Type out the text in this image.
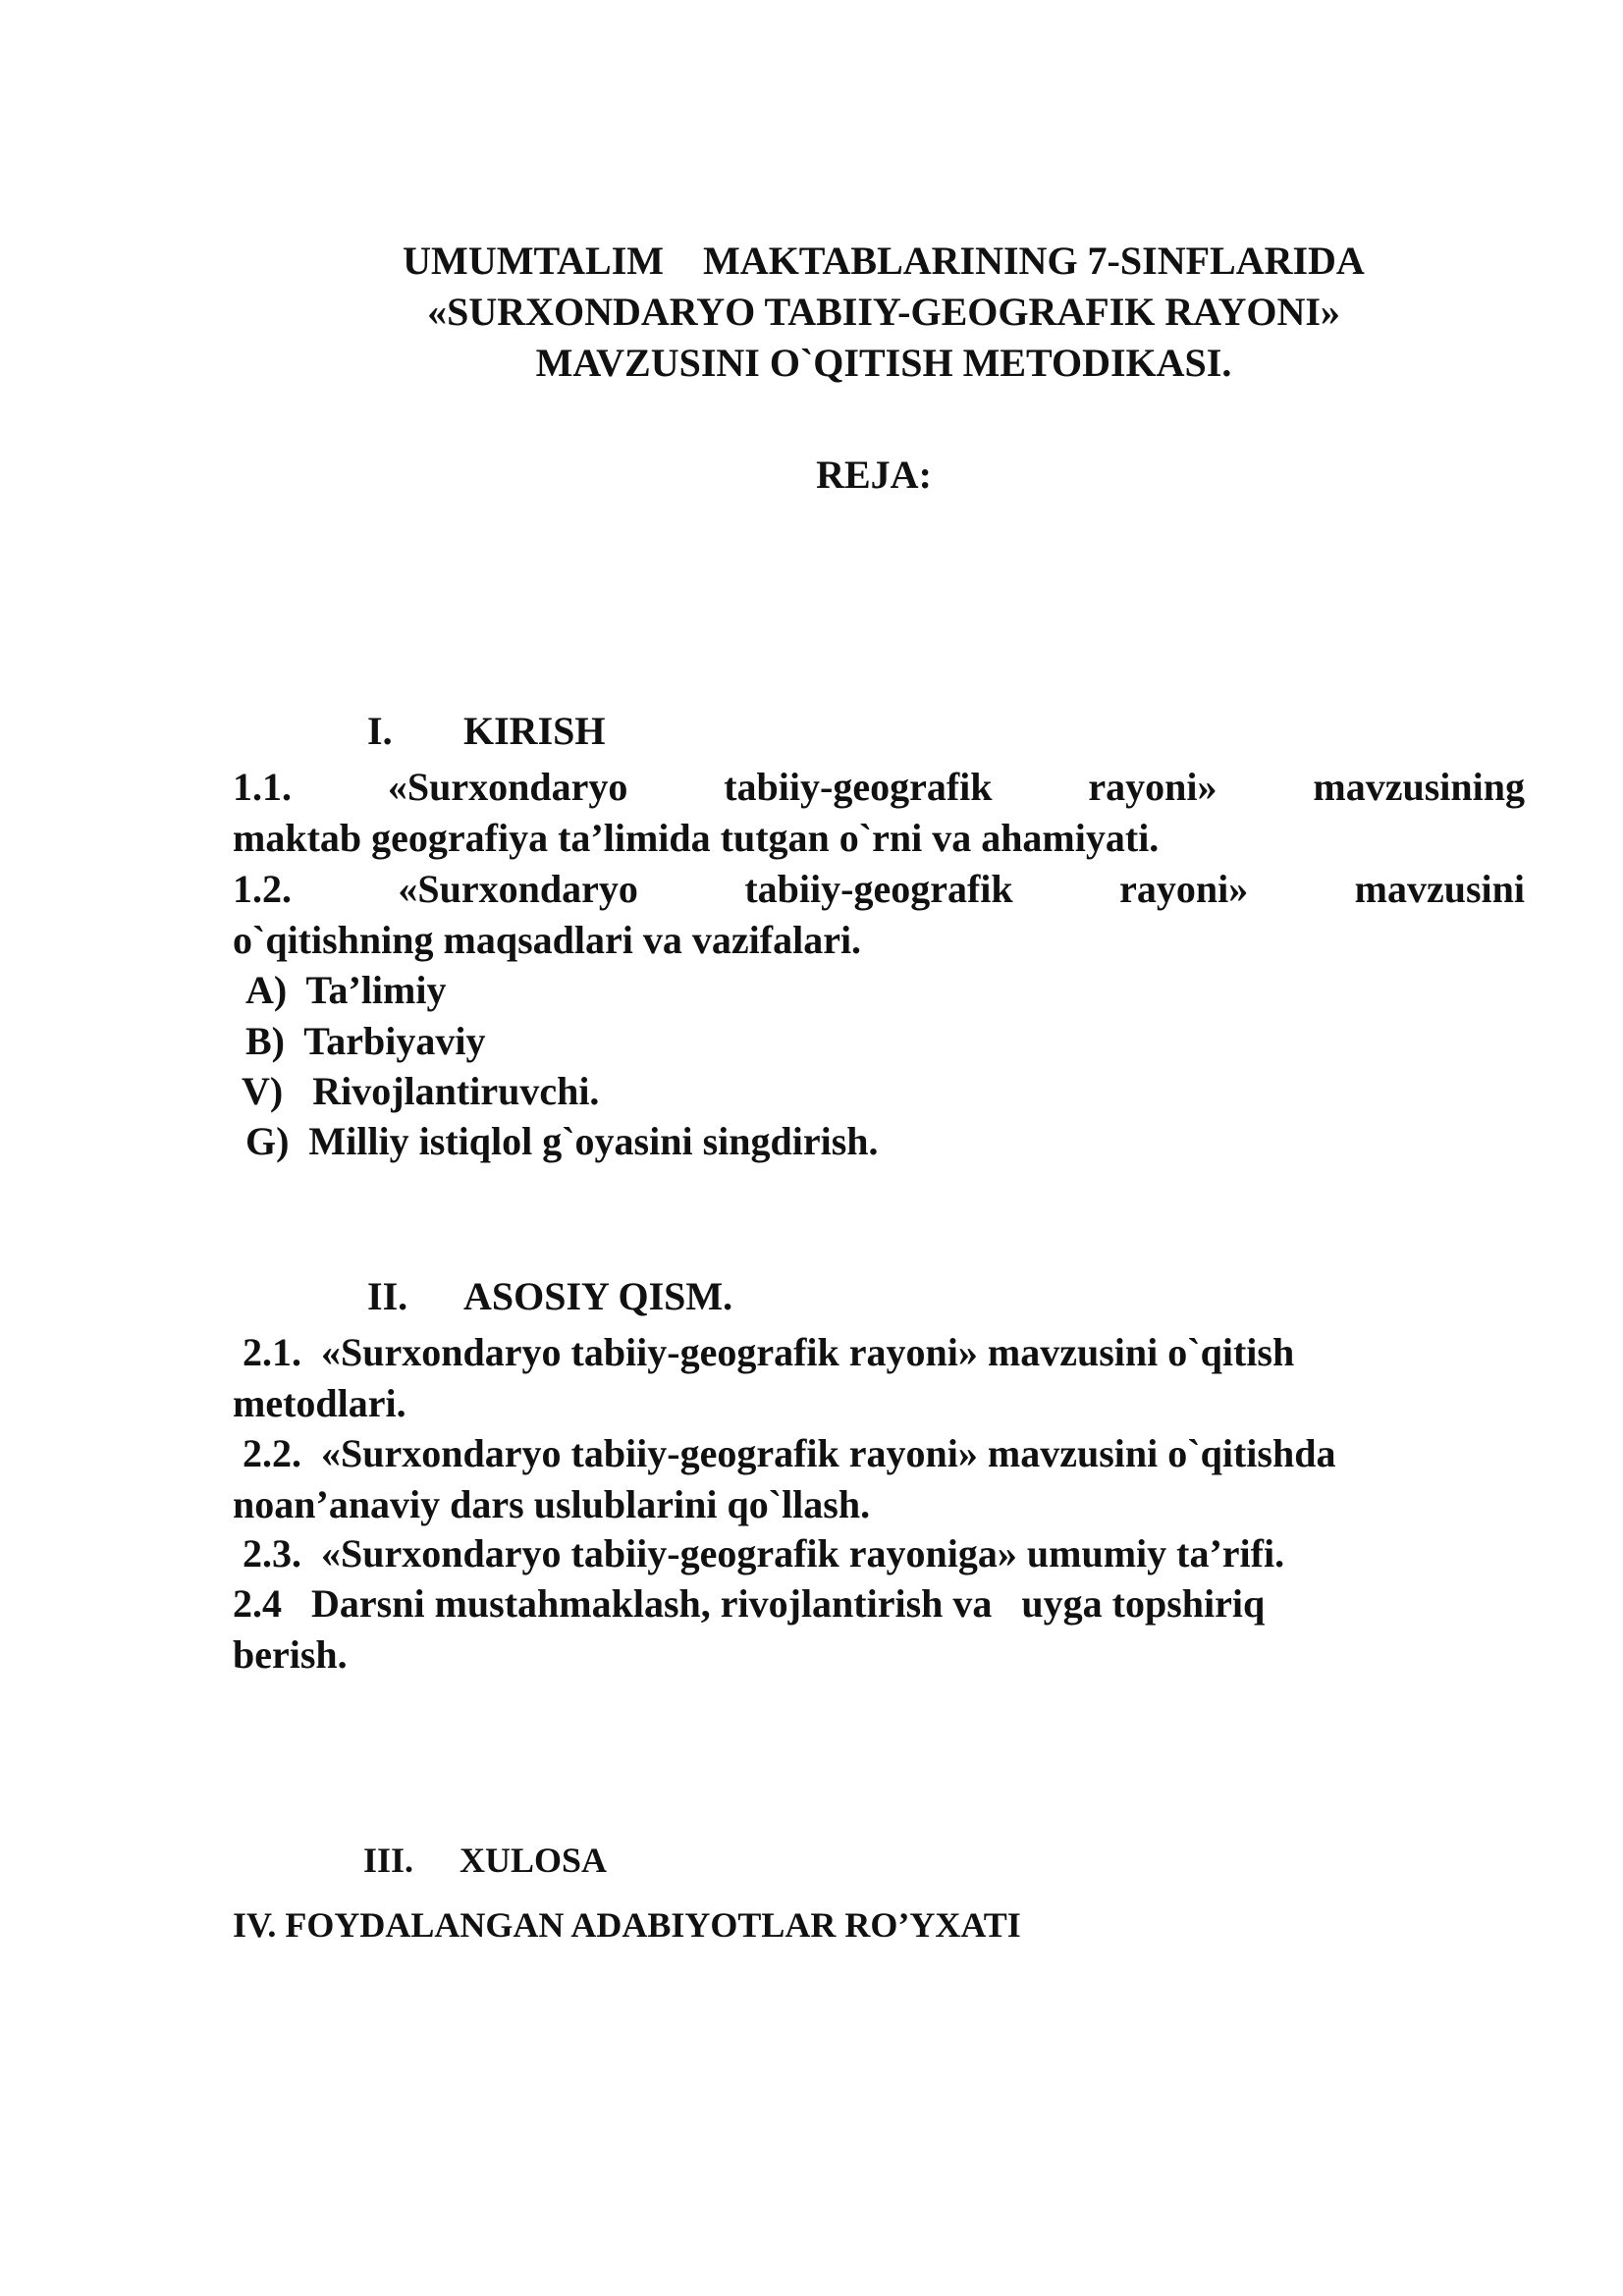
UMUMTALIM    MAKTABLARINING 7-SINFLARIDA
«SURXONDARYO TABIIY-GEOGRAFIK RAYONI»
MAVZUSINI O`QITISH METODIKASI.
REJA:

I. KIRISH

1.1. «Surxondaryo tabiiy-geografik rayoni» mavzusining
maktab geografiya ta’limida tutgan o`rni va ahamiyati.
1.2. «Surxondaryo tabiiy-geografik rayoni» mavzusini
o`qitishning maqsadlari va vazifalari.
A)  Ta’limiy
B)  Tarbiyaviy
V)   Rivojlantiruvchi.
G)  Milliy istiqlol g`oyasini singdirish.

II. ASOSIY QISM.

2.1.  «Surxondaryo tabiiy-geografik rayoni» mavzusini o`qitish
metodlari.
2.2.  «Surxondaryo tabiiy-geografik rayoni» mavzusini o`qitishda
noan’anaviy dars uslublarini qo`llash.
2.3.  «Surxondaryo tabiiy-geografik rayoniga» umumiy ta’rifi.
2.4   Darsni mustahmaklash, rivojlantirish va   uyga topshiriq
berish.

III. XULOSA

IV. FOYDALANGAN ADABIYOTLAR RO’YXATI
